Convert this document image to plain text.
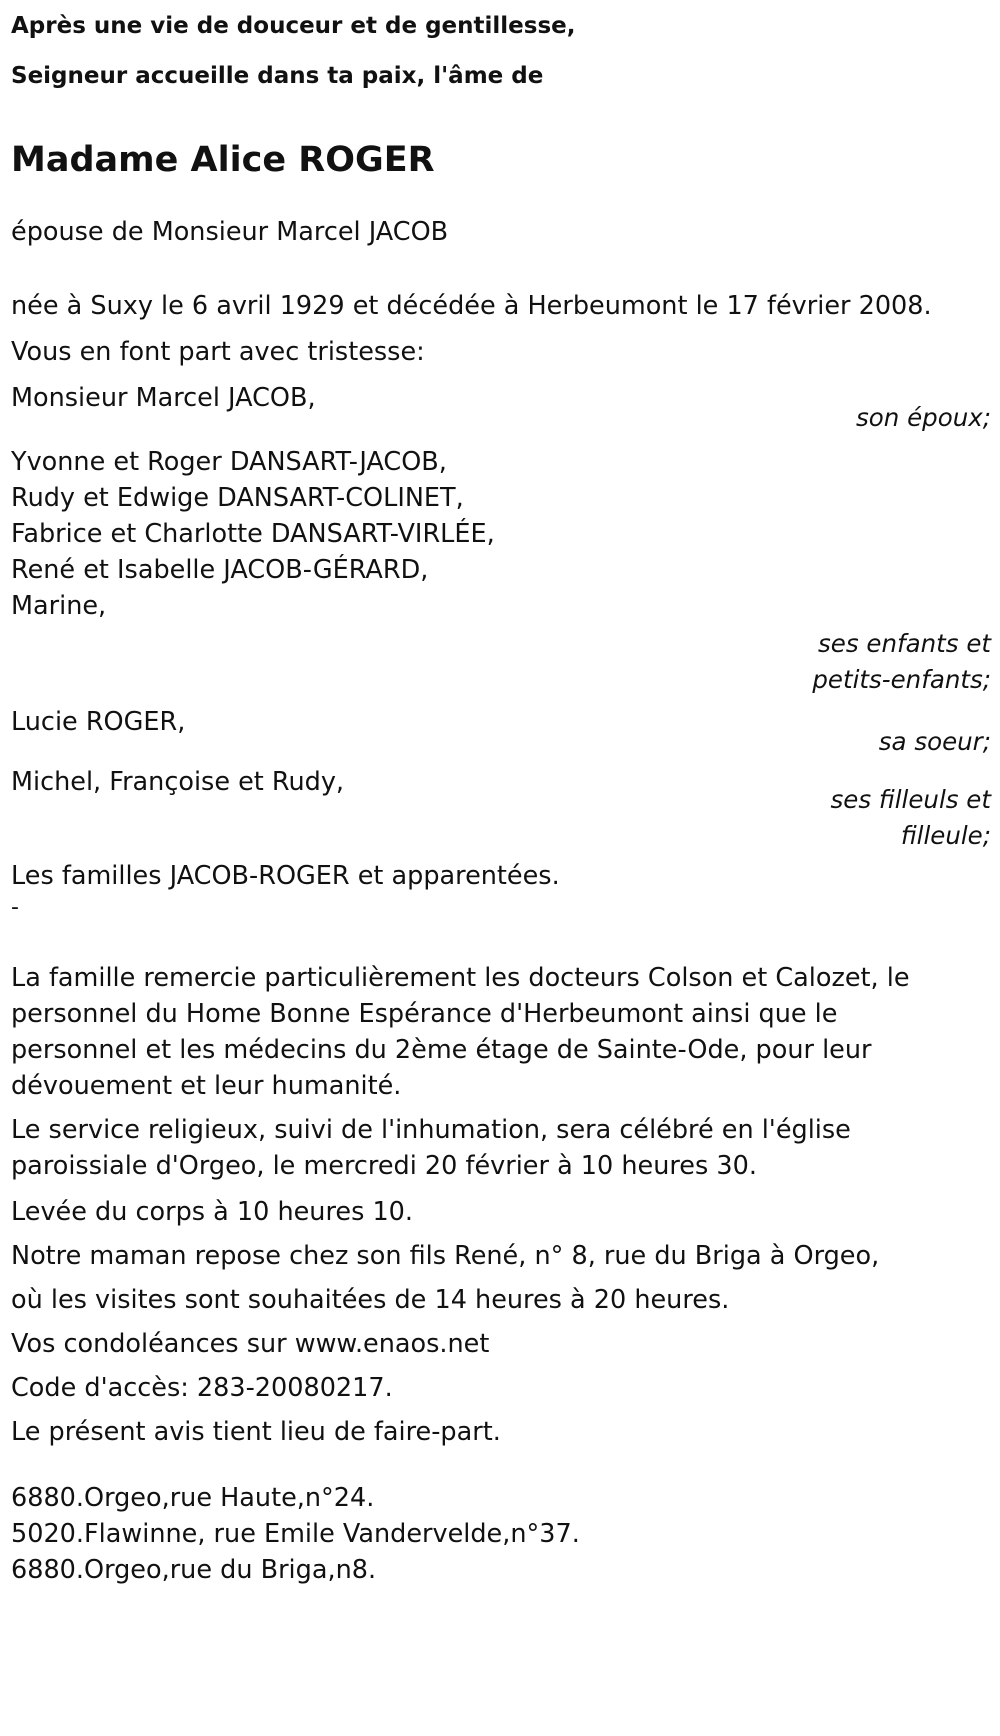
Après une vie de douceur et de gentillesse,

Seigneur accueille dans ta paix, l'âme de

Madame Alice ROGER

épouse de Monsieur Marcel JACOB

née à Suxy le 6 avril 1929 et décédée à Herbeumont le 17 février 2008.

Vous en font part avec tristesse:

Monsieur Marcel JACOB,
son époux;
Yvonne et Roger DANSART-JACOB,
Rudy et Edwige DANSART-COLINET,
Fabrice et Charlotte DANSART-VIRLÉE,
René et Isabelle JACOB-GÉRARD,
Marine,
ses enfants et
petits-enfants;
Lucie ROGER,
sa soeur;
Michel, Françoise et Rudy,
ses filleuls et
filleule;

Les familles JACOB-ROGER et apparentées.

-

La famille remercie particulièrement les docteurs Colson et Calozet, le
personnel du Home Bonne Espérance d'Herbeumont ainsi que le
personnel et les médecins du 2ème étage de Sainte-Ode, pour leur
dévouement et leur humanité.
Le service religieux, suivi de l'inhumation, sera célébré en l'église
paroissiale d'Orgeo, le mercredi 20 février à 10 heures 30.

Levée du corps à 10 heures 10.

Notre maman repose chez son fils René, n° 8, rue du Briga à Orgeo,

où les visites sont souhaitées de 14 heures à 20 heures.

Vos condoléances sur www.enaos.net

Code d'accès: 283-20080217.

Le présent avis tient lieu de faire-part.

6880.Orgeo,rue Haute,n°24.
5020.Flawinne, rue Emile Vandervelde,n°37.
6880.Orgeo,rue du Briga,n8.
